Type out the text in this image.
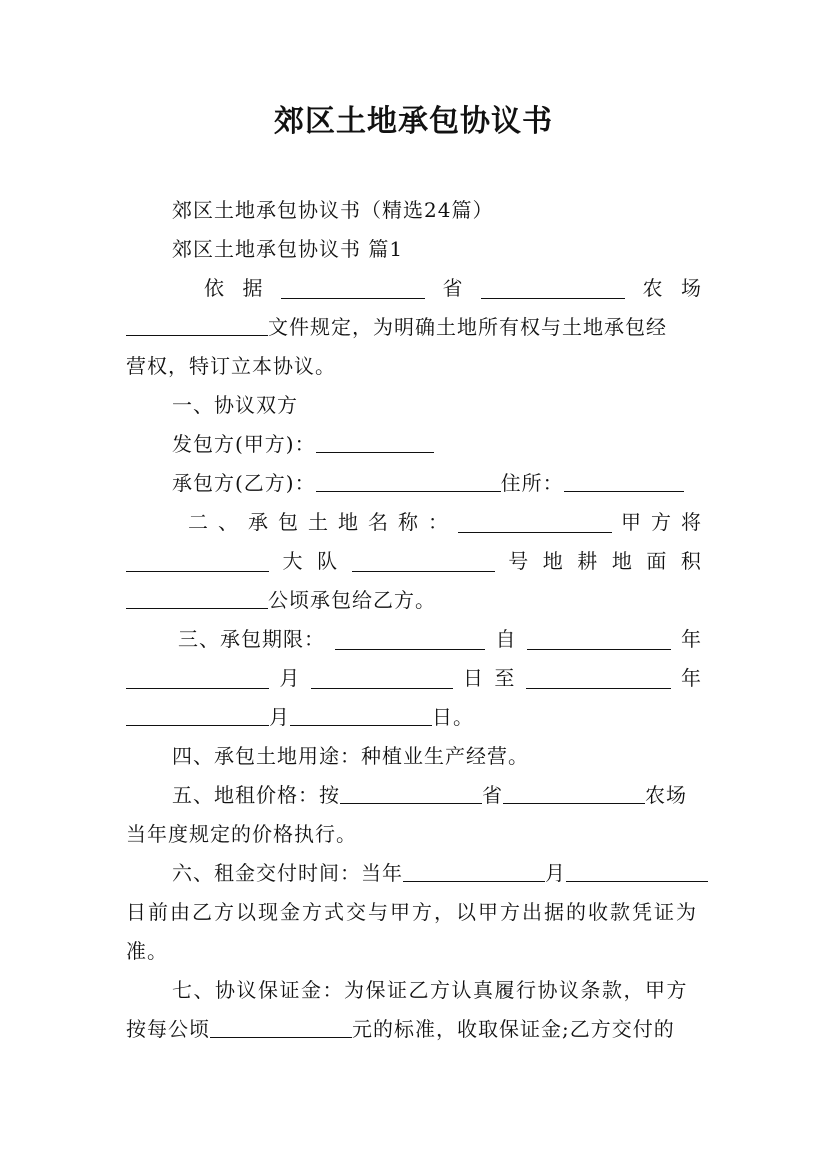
郊区土地承包协议书
郊区土地承包协议书（精选24篇）
郊区土地承包协议书 篇1
依 据	省	农 场
文件规定，为明确土地所有权与土地承包经
营权，特订立本协议。
一、协议双方
发包方(甲方)：
承包方(乙方)：	住所：
二 、 承 包 土 地 名 称 ：	甲 方 将
大 队	号 地 耕 地 面 积
公顷承包给乙方。
三、承包期限：	自	年
月	日 至	年
月	日。
四、承包土地用途：种植业生产经营。
五、地租价格：按	省	农场
当年度规定的价格执行。
六、租金交付时间：当年	月
日前由乙方以现金方式交与甲方，以甲方出据的收款凭证为
准。
七、协议保证金：为保证乙方认真履行协议条款，甲方
按每公顷	元的标准，收取保证金;乙方交付的
